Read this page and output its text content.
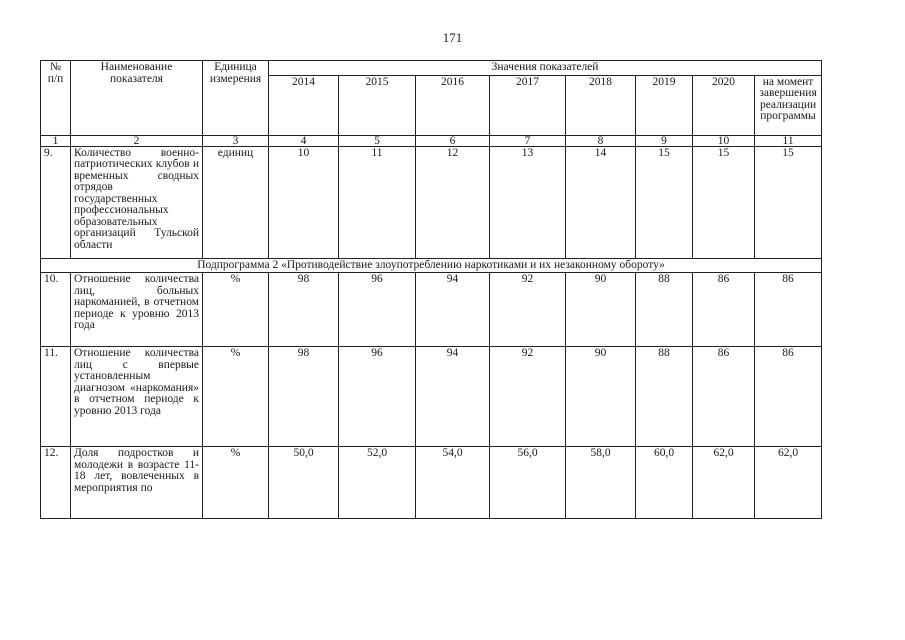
171
№ п/п	Наименование показателя	Единица измерения	Значения показателей							
			2014	2015	2016	2017	2018	2019	2020	на момент завершения реализации программы
1	2	3	4	5	6	7	8	9	10	11
9.	Количество военно-патриотических клубов и временных сводных отрядов государственных профессиональных образовательных организаций Тульской области	единиц	10	11	12	13	14	15	15	15
Подпрограмма 2 «Противодействие злоупотреблению наркотиками и их незаконному обороту»										
10.	Отношение количества лиц, больных наркоманией, в отчетном периоде к уровню 2013 года	%	98	96	94	92	90	88	86	86
11.	Отношение количества лиц с впервые установленным диагнозом «наркомания» в отчетном периоде к уровню 2013 года	%	98	96	94	92	90	88	86	86
12.	Доля подростков и молодежи в возрасте 11-18 лет, вовлеченных в мероприятия по	%	50,0	52,0	54,0	56,0	58,0	60,0	62,0	62,0
